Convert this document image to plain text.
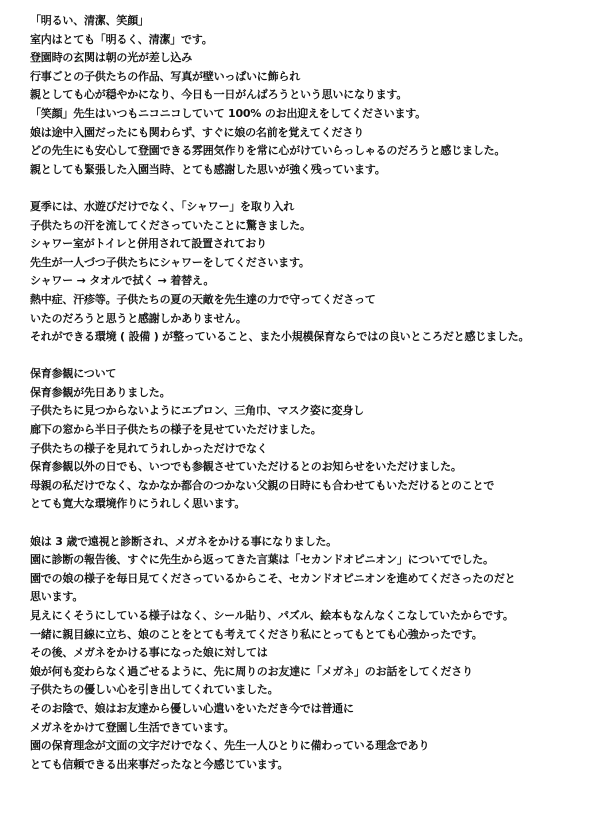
「明るい、清潔、笑顔」
室内はとても「明るく、清潔」です。
登園時の玄関は朝の光が差し込み
行事ごとの子供たちの作品、写真が壁いっぱいに飾られ
親としても心が穏やかになり、今日も一日がんばろうという思いになります。
「笑顔」先生はいつもニコニコしていて 100% のお出迎えをしてくださいます。
娘は途中入園だったにも関わらず、すぐに娘の名前を覚えてくださり
どの先生にも安心して登園できる雰囲気作りを常に心がけていらっしゃるのだろうと感じました。
親としても緊張した入園当時、とても感謝した思いが強く残っています。
夏季には、水遊びだけでなく、「シャワー」を取り入れ
子供たちの汗を流してくださっていたことに驚きました。
シャワー室がトイレと併用されて設置されており
先生が一人づつ子供たちにシャワーをしてくださいます。
シャワー → タオルで拭く → 着替え。
熱中症、汗疹等。子供たちの夏の天敵を先生達の力で守ってくださって
いたのだろうと思うと感謝しかありません。
それができる環境 ( 設備 ) が整っていること、また小規模保育ならではの良いところだと感じました。
保育参観について
保育参観が先日ありました。
子供たちに見つからないようにエプロン、三角巾、マスク姿に変身し
廊下の窓から半日子供たちの様子を見せていただけました。
子供たちの様子を見れてうれしかっただけでなく
保育参観以外の日でも、いつでも参観させていただけるとのお知らせをいただけました。
母親の私だけでなく、なかなか都合のつかない父親の日時にも合わせてもいただけるとのことで
とても寛大な環境作りにうれしく思います。
娘は 3 歳で遠視と診断され、メガネをかける事になりました。
園に診断の報告後、すぐに先生から返ってきた言葉は「セカンドオピニオン」についてでした。
園での娘の様子を毎日見てくださっているからこそ、セカンドオピニオンを進めてくださったのだと
思います。
見えにくそうにしている様子はなく、シール貼り、パズル、絵本もなんなくこなしていたからです。
一緒に親目線に立ち、娘のことをとても考えてくださり私にとってもとても心強かったです。
その後、メガネをかける事になった娘に対しては
娘が何も変わらなく過ごせるように、先に周りのお友達に「メガネ」のお話をしてくださり
子供たちの優しい心を引き出してくれていました。
そのお陰で、娘はお友達から優しい心遣いをいただき今では普通に
メガネをかけて登園し生活できています。
園の保育理念が文面の文字だけでなく、先生一人ひとりに備わっている理念であり
とても信頼できる出来事だったなと今感じています。
